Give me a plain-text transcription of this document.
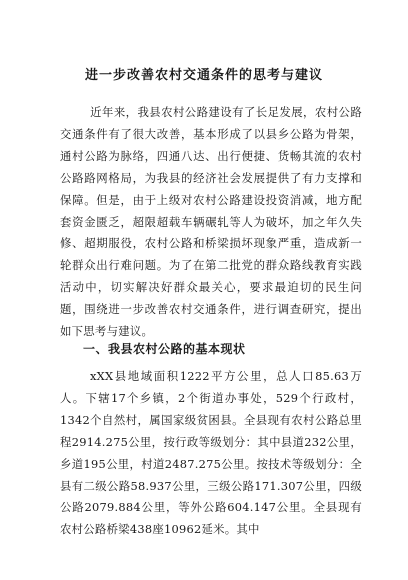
进一步改善农村交通条件的思考与建议
近年来，我县农村公路建设有了长足发展，农村公路交通条件有了很大改善，基本形成了以县乡公路为骨架，通村公路为脉络，四通八达、出行便捷、货畅其流的农村公路路网格局，为我县的经济社会发展提供了有力支撑和保障。但是，由于上级对农村公路建设投资消减，地方配套资金匮乏，超限超载车辆碾轧等人为破坏，加之年久失修、超期服役，农村公路和桥梁损坏现象严重，造成新一轮群众出行难问题。为了在第二批党的群众路线教育实践活动中，切实解决好群众最关心，要求最迫切的民生问题，围绕进一步改善农村交通条件，进行调查研究，提出如下思考与建议。
一、我县农村公路的基本现状
xXX县地域面积1222平方公里，总人口85.63万人。下辖17个乡镇，2个街道办事处，529个行政村，1342个自然村，属国家级贫困县。全县现有农村公路总里程2914.275公里，按行政等级划分：其中县道232公里，乡道195公里，村道2487.275公里。按技术等级划分：全县有二级公路58.937公里，三级公路171.307公里，四级公路2079.884公里，等外公路604.147公里。全县现有农村公路桥梁438座10962延米。其中
